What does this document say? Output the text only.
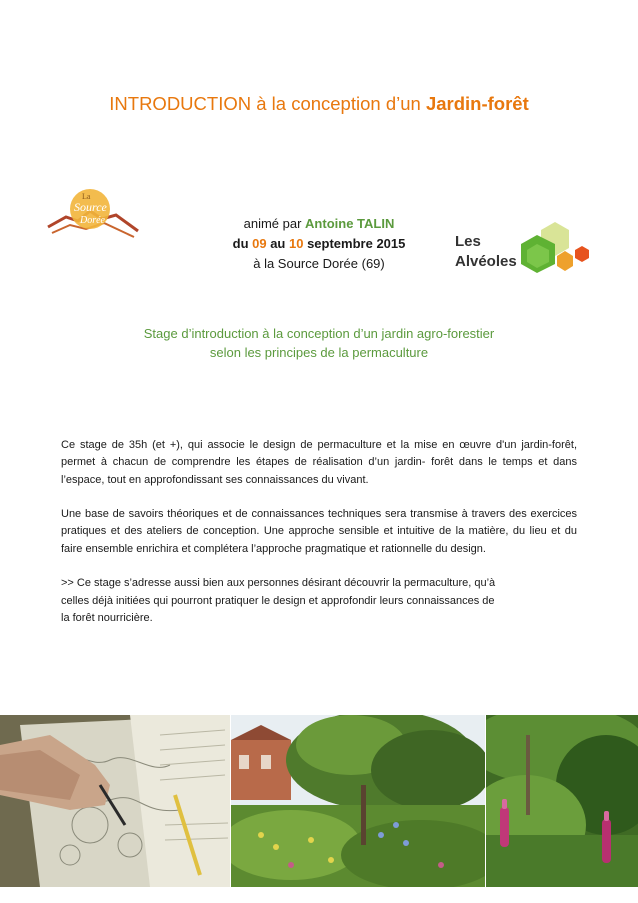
INTRODUCTION à la conception d’un Jardin-forêt
La
Source
Dorée	animé par Antoine TALIN
du 09 au 10 septembre 2015
à la Source Dorée (69)
Les
Alvéoles
Stage d’introduction à la conception d’un jardin agro-forestier
selon les principes de la permaculture

Ce stage de 35h (et +), qui associe le design de permaculture et la mise en œuvre d'un jardin-forêt, permet à chacun de comprendre les étapes de réalisation d’un jardin- forêt dans le temps et dans l’espace, tout en approfondissant ses connaissances du vivant.

Une base de savoirs théoriques et de connaissances techniques sera transmise à travers des exercices pratiques et des ateliers de conception. Une approche sensible et intuitive de la matière, du lieu et du faire ensemble enrichira et complétera l’approche pragmatique et rationnelle du design.

>> Ce stage s’adresse aussi bien aux personnes désirant découvrir la permaculture, qu’à
celles déjà initiées qui pourront pratiquer le design et approfondir leurs connaissances de
la forêt nourricière.
